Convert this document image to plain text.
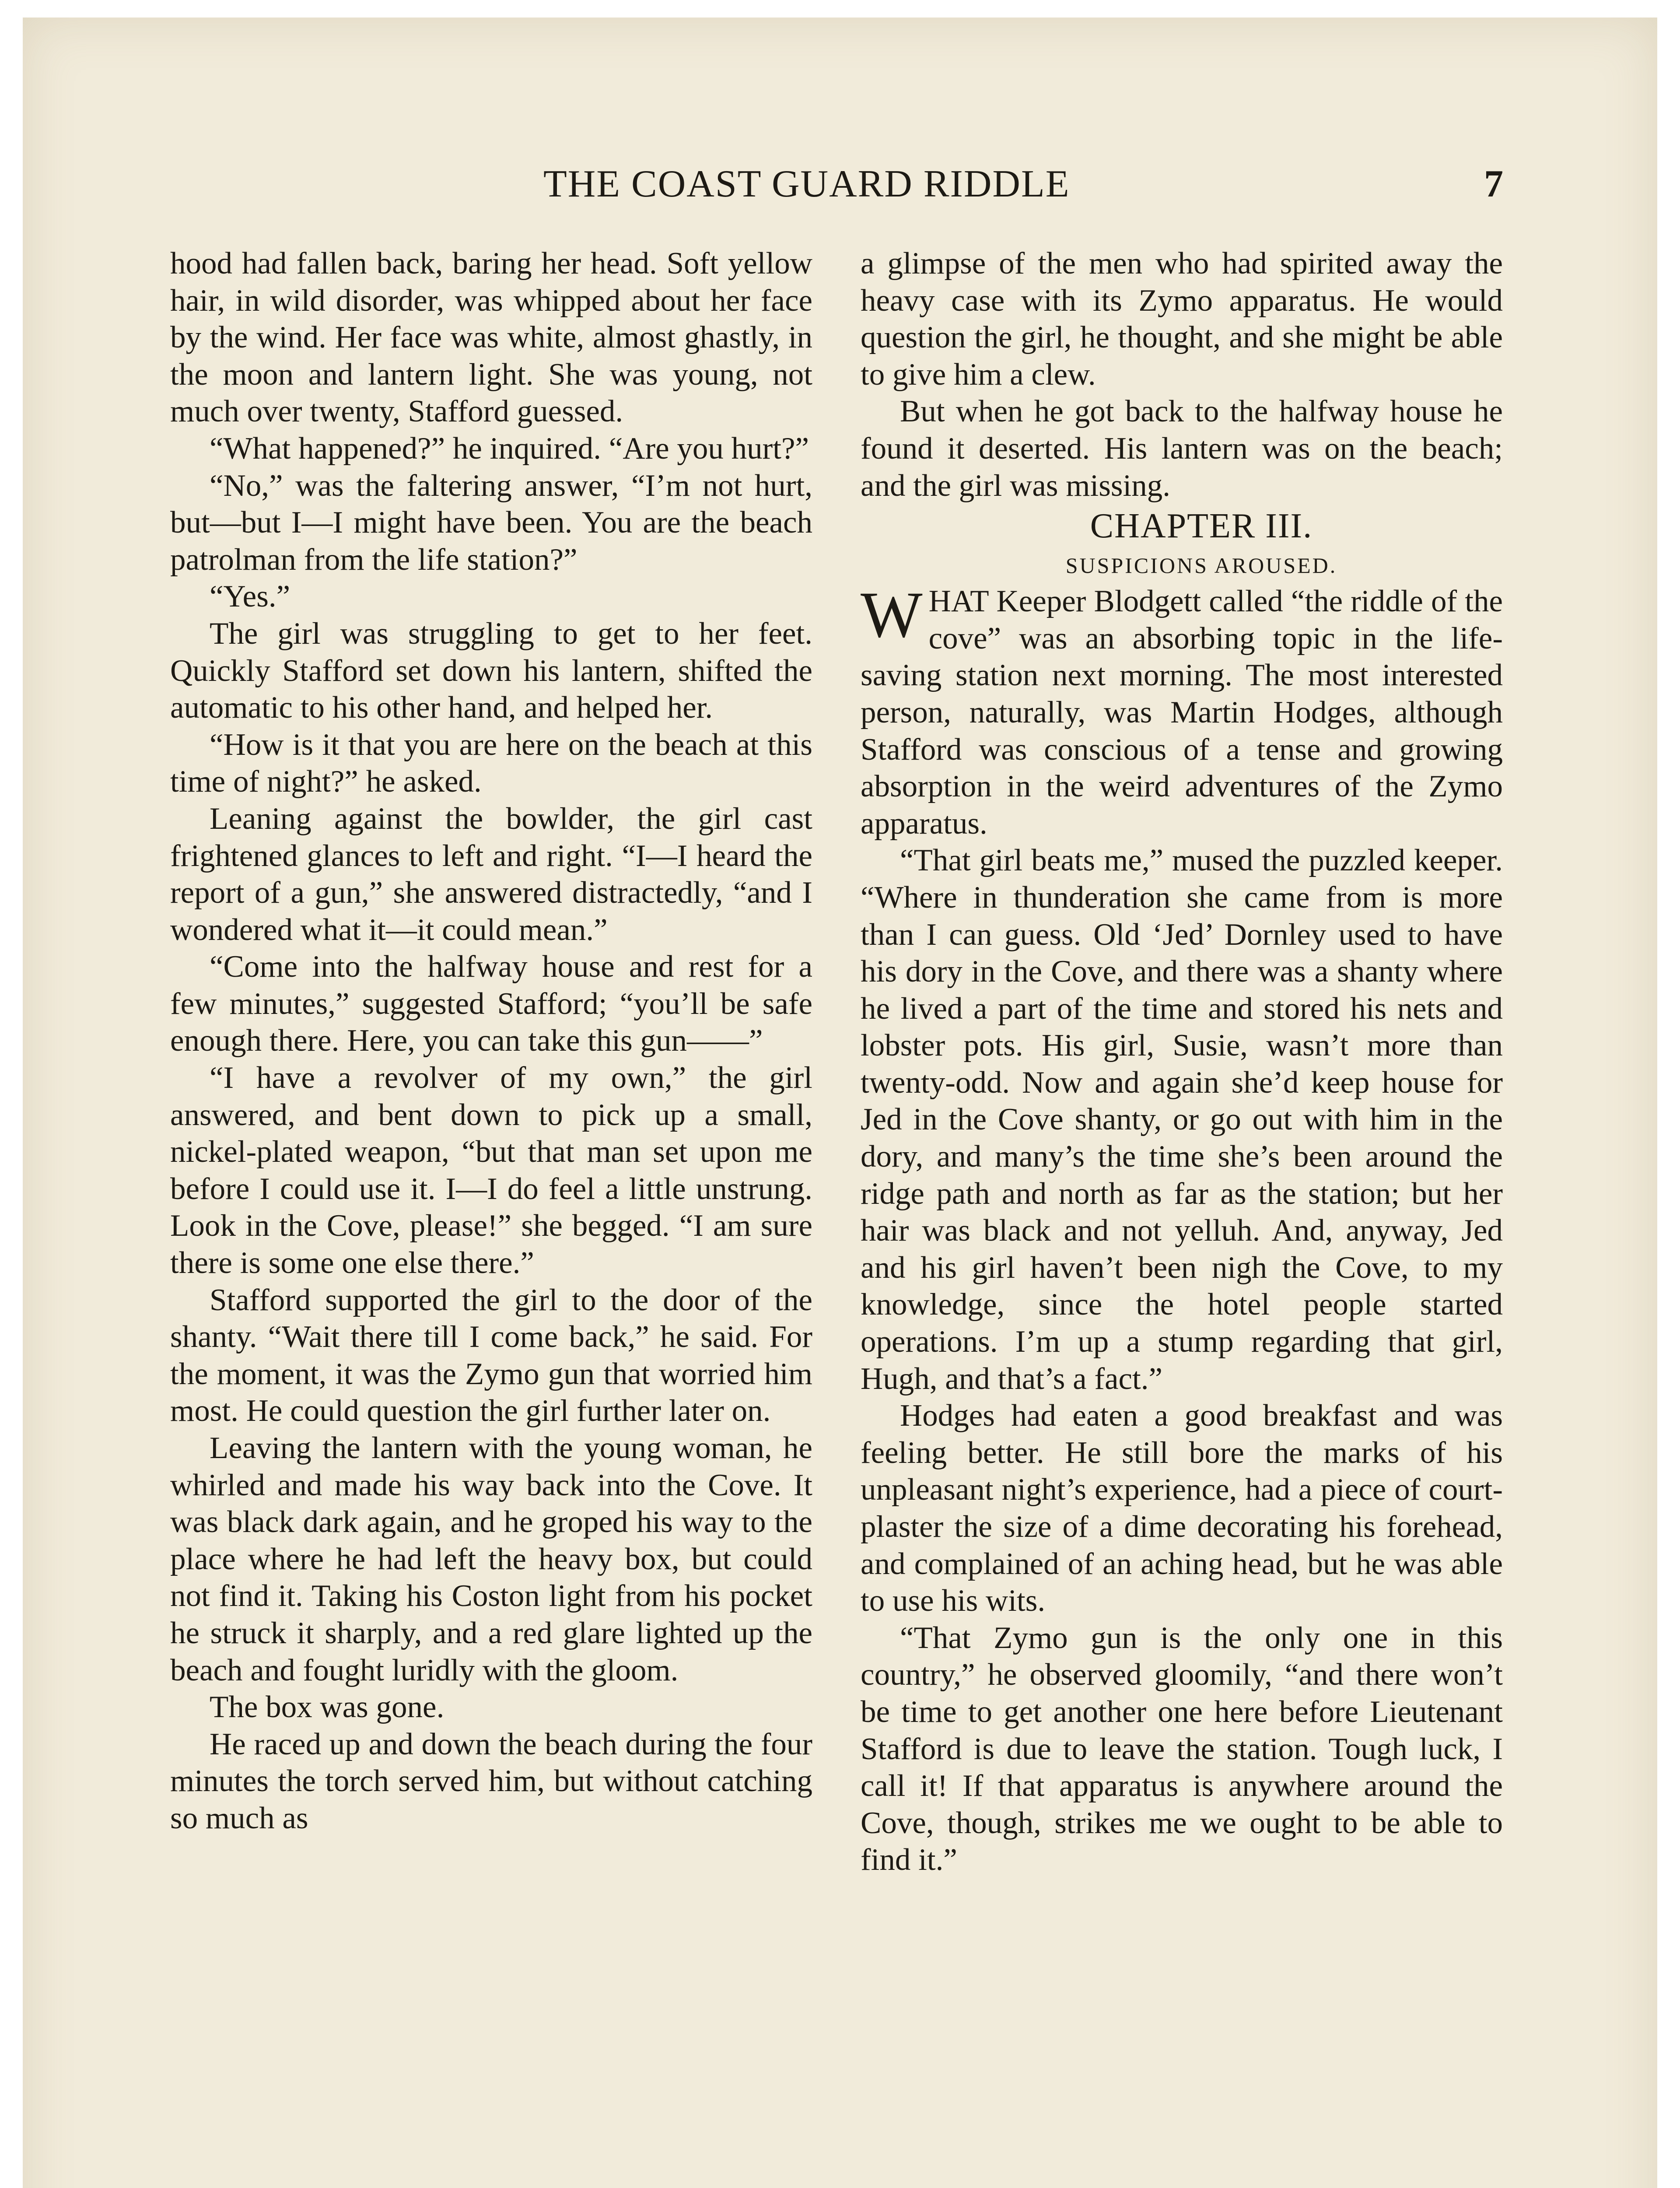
THE COAST GUARD RIDDLE	7

hood had fallen back, baring her head. Soft yellow hair, in wild disorder, was whipped about her face by the wind. Her face was white, almost ghastly, in the moon and lantern light. She was young, not much over twenty, Stafford guessed.

“What happened?” he inquired. “Are you hurt?”

“No,” was the faltering answer, “I’m not hurt, but—but I—I might have been. You are the beach patrolman from the life station?”

“Yes.”

The girl was struggling to get to her feet. Quickly Stafford set down his lantern, shifted the automatic to his other hand, and helped her.

“How is it that you are here on the beach at this time of night?” he asked.

Leaning against the bowlder, the girl cast frightened glances to left and right. “I—I heard the report of a gun,” she answered distractedly, “and I wondered what it—it could mean.”

“Come into the halfway house and rest for a few minutes,” suggested Stafford; “you’ll be safe enough there. Here, you can take this gun——”

“I have a revolver of my own,” the girl answered, and bent down to pick up a small, nickel-plated weapon, “but that man set upon me before I could use it. I—I do feel a little unstrung. Look in the Cove, please!” she begged. “I am sure there is some one else there.”

Stafford supported the girl to the door of the shanty. “Wait there till I come back,” he said. For the moment, it was the Zymo gun that worried him most. He could question the girl further later on.

Leaving the lantern with the young woman, he whirled and made his way back into the Cove. It was black dark again, and he groped his way to the place where he had left the heavy box, but could not find it. Taking his Coston light from his pocket he struck it sharply, and a red glare lighted up the beach and fought luridly with the gloom.

The box was gone.

He raced up and down the beach during the four minutes the torch served him, but without catching so much as

a glimpse of the men who had spirited away the heavy case with its Zymo apparatus. He would question the girl, he thought, and she might be able to give him a clew.

But when he got back to the halfway house he found it deserted. His lantern was on the beach; and the girl was missing.

CHAPTER III.

SUSPICIONS AROUSED.

WHAT Keeper Blodgett called “the riddle of the cove” was an absorbing topic in the life-saving station next morning. The most interested person, naturally, was Martin Hodges, although Stafford was conscious of a tense and growing absorption in the weird adventures of the Zymo apparatus.

“That girl beats me,” mused the puzzled keeper. “Where in thunderation she came from is more than I can guess. Old ‘Jed’ Dornley used to have his dory in the Cove, and there was a shanty where he lived a part of the time and stored his nets and lobster pots. His girl, Susie, wasn’t more than twenty-odd. Now and again she’d keep house for Jed in the Cove shanty, or go out with him in the dory, and many’s the time she’s been around the ridge path and north as far as the station; but her hair was black and not yelluh. And, anyway, Jed and his girl haven’t been nigh the Cove, to my knowledge, since the hotel people started operations. I’m up a stump regarding that girl, Hugh, and that’s a fact.”

Hodges had eaten a good breakfast and was feeling better. He still bore the marks of his unpleasant night’s experience, had a piece of court-plaster the size of a dime decorating his forehead, and complained of an aching head, but he was able to use his wits.

“That Zymo gun is the only one in this country,” he observed gloomily, “and there won’t be time to get another one here before Lieutenant Stafford is due to leave the station. Tough luck, I call it! If that apparatus is anywhere around the Cove, though, strikes me we ought to be able to find it.”
